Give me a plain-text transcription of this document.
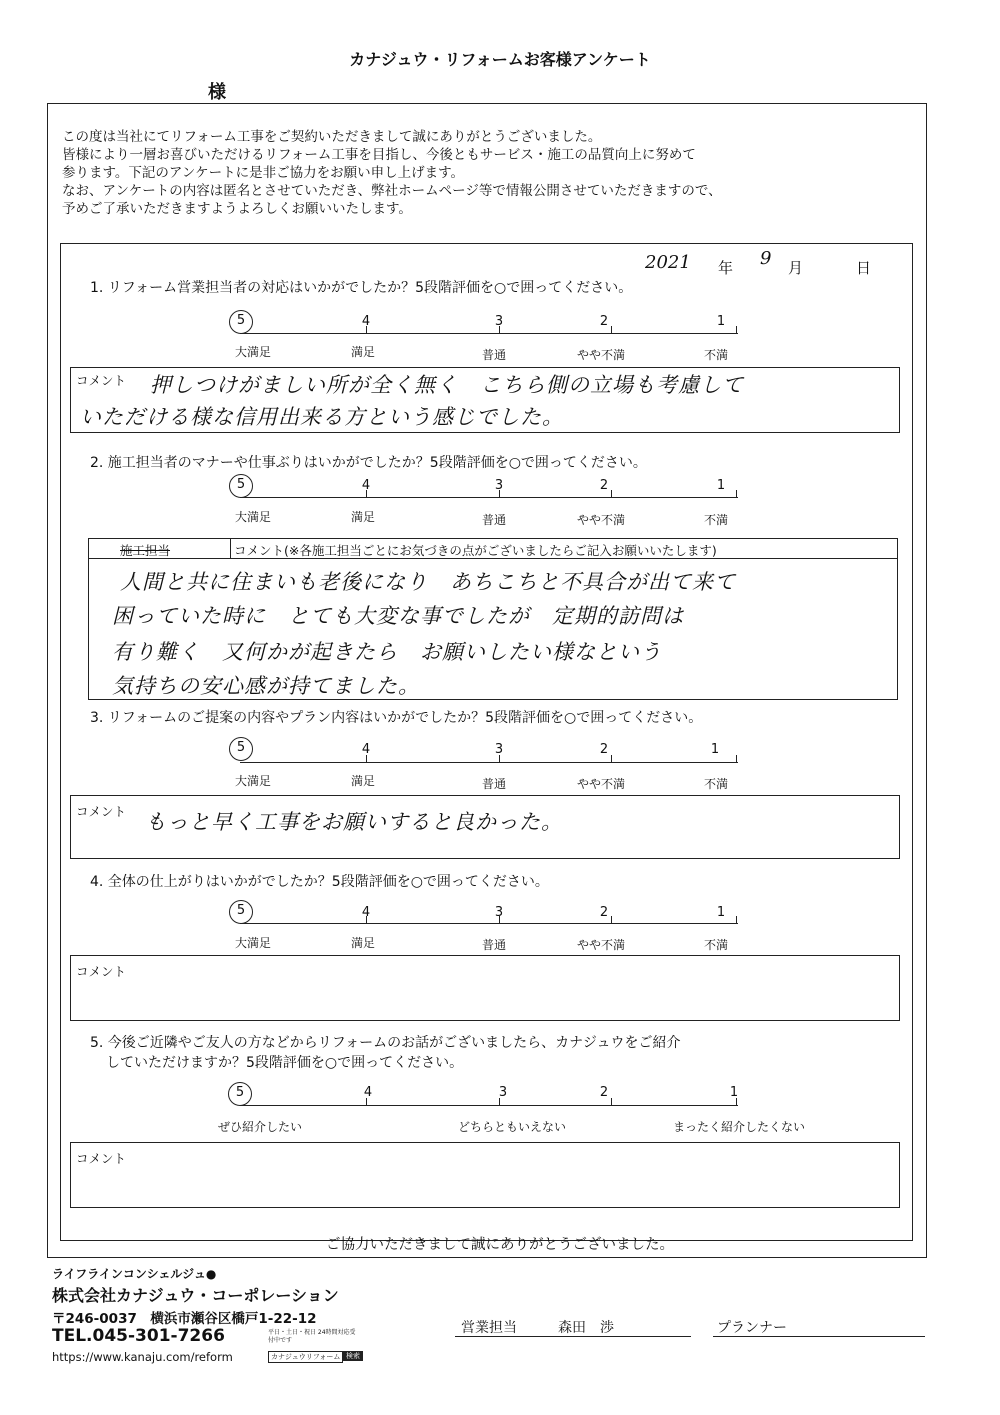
カナジュウ・リフォームお客様アンケート
様
この度は当社にてリフォーム工事をご契約いただきまして誠にありがとうございました。
皆様により一層お喜びいただけるリフォーム工事を目指し、今後ともサービス・施工の品質向上に努めて
参ります。下記のアンケートに是非ご協力をお願い申し上げます。
なお、アンケートの内容は匿名とさせていただき、弊社ホームページ等で情報公開させていただきますので、
予めご了承いただきますようよろしくお願いいたします。
2021 年 9 月	日
1. リフォーム営業担当者の対応はいかがでしたか？5段階評価を○で囲ってください。
5	4	3	2	1
大満足	満足	普通	やや不満	不満
コメント 押しつけがましい所が全く無く　こちら側の立場も考慮して
いただける様な信用出来る方という感じでした。
2. 施工担当者のマナーや仕事ぶりはいかがでしたか？5段階評価を○で囲ってください。
5	4	3	2	1
大満足	満足	普通	やや不満	不満
施工担当	コメント(※各施工担当ごとにお気づきの点がございましたらご記入お願いいたします)
人間と共に住まいも老後になり　あちこちと不具合が出て来て
困っていた時に　とても大変な事でしたが　定期的訪問は
有り難く　又何かが起きたら　お願いしたい様なという
気持ちの安心感が持てました。
3. リフォームのご提案の内容やプラン内容はいかがでしたか？5段階評価を○で囲ってください。
5	4	3	2	1
大満足	満足	普通	やや不満	不満
コメント もっと早く工事をお願いすると良かった。
4. 全体の仕上がりはいかがでしたか？5段階評価を○で囲ってください。
5	4	3	2	1
大満足	満足	普通	やや不満	不満
コメント
5. 今後ご近隣やご友人の方などからリフォームのお話がございましたら、カナジュウをご紹介
していただけますか？5段階評価を○で囲ってください。
5	4	3	2	1
ぜひ紹介したい	どちらともいえない	まったく紹介したくない
コメント
ご協力いただきまして誠にありがとうございました。
ライフラインコンシェルジュ●
株式会社カナジュウ・コーポレーション
〒246-0037　横浜市瀬谷区橋戸1-22-12
TEL.045-301-7266	平日・土日・祝日 24時間対応受付中です
https://www.kanaju.com/reform	カナジュウリフォーム 検索
営業担当	森田　渉	プランナー
